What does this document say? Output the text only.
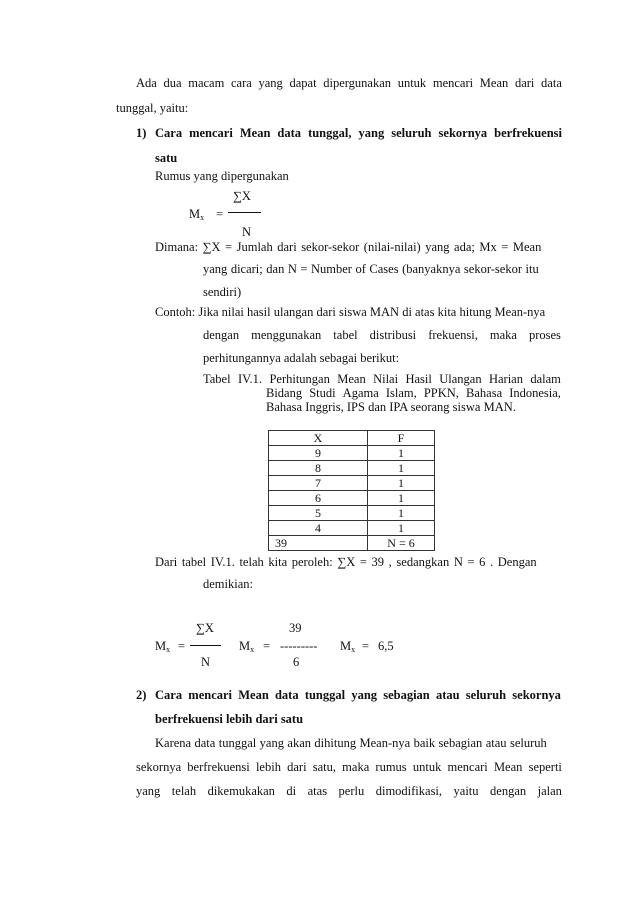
Ada dua macam cara yang dapat dipergunakan untuk mencari Mean dari data
tunggal, yaitu:
1) Cara mencari Mean data tunggal, yang seluruh sekornya berfrekuensi
satu
Rumus yang dipergunakan
∑X
$M_x$ =
N
Dimana: ∑X = Jumlah dari sekor-sekor (nilai-nilai) yang ada; Mx = Mean
yang dicari; dan N = Number of Cases (banyaknya sekor-sekor itu
sendiri)
Contoh: Jika nilai hasil ulangan dari siswa MAN di atas kita hitung Mean-nya
dengan menggunakan tabel distribusi frekuensi, maka proses
perhitungannya adalah sebagai berikut:
Tabel IV.1. Perhitungan Mean Nilai Hasil Ulangan Harian dalam
Bidang Studi Agama Islam, PPKN, Bahasa Indonesia,
Bahasa Inggris, IPS dan IPA seorang siswa MAN.
X	F
9	1
8	1
7	1
6	1
5	1
4	1
39	N = 6
Dari tabel IV.1. telah kita peroleh: ∑X = 39 , sedangkan N = 6 . Dengan
demikian:
∑X
$M_x$ =
N
$M_x$ = ---------
39
6
$M_x = 6,5$
2) Cara mencari Mean data tunggal yang sebagian atau seluruh sekornya
berfrekuensi lebih dari satu
Karena data tunggal yang akan dihitung Mean-nya baik sebagian atau seluruh
sekornya berfrekuensi lebih dari satu, maka rumus untuk mencari Mean seperti
yang telah dikemukakan di atas perlu dimodifikasi, yaitu dengan jalan
